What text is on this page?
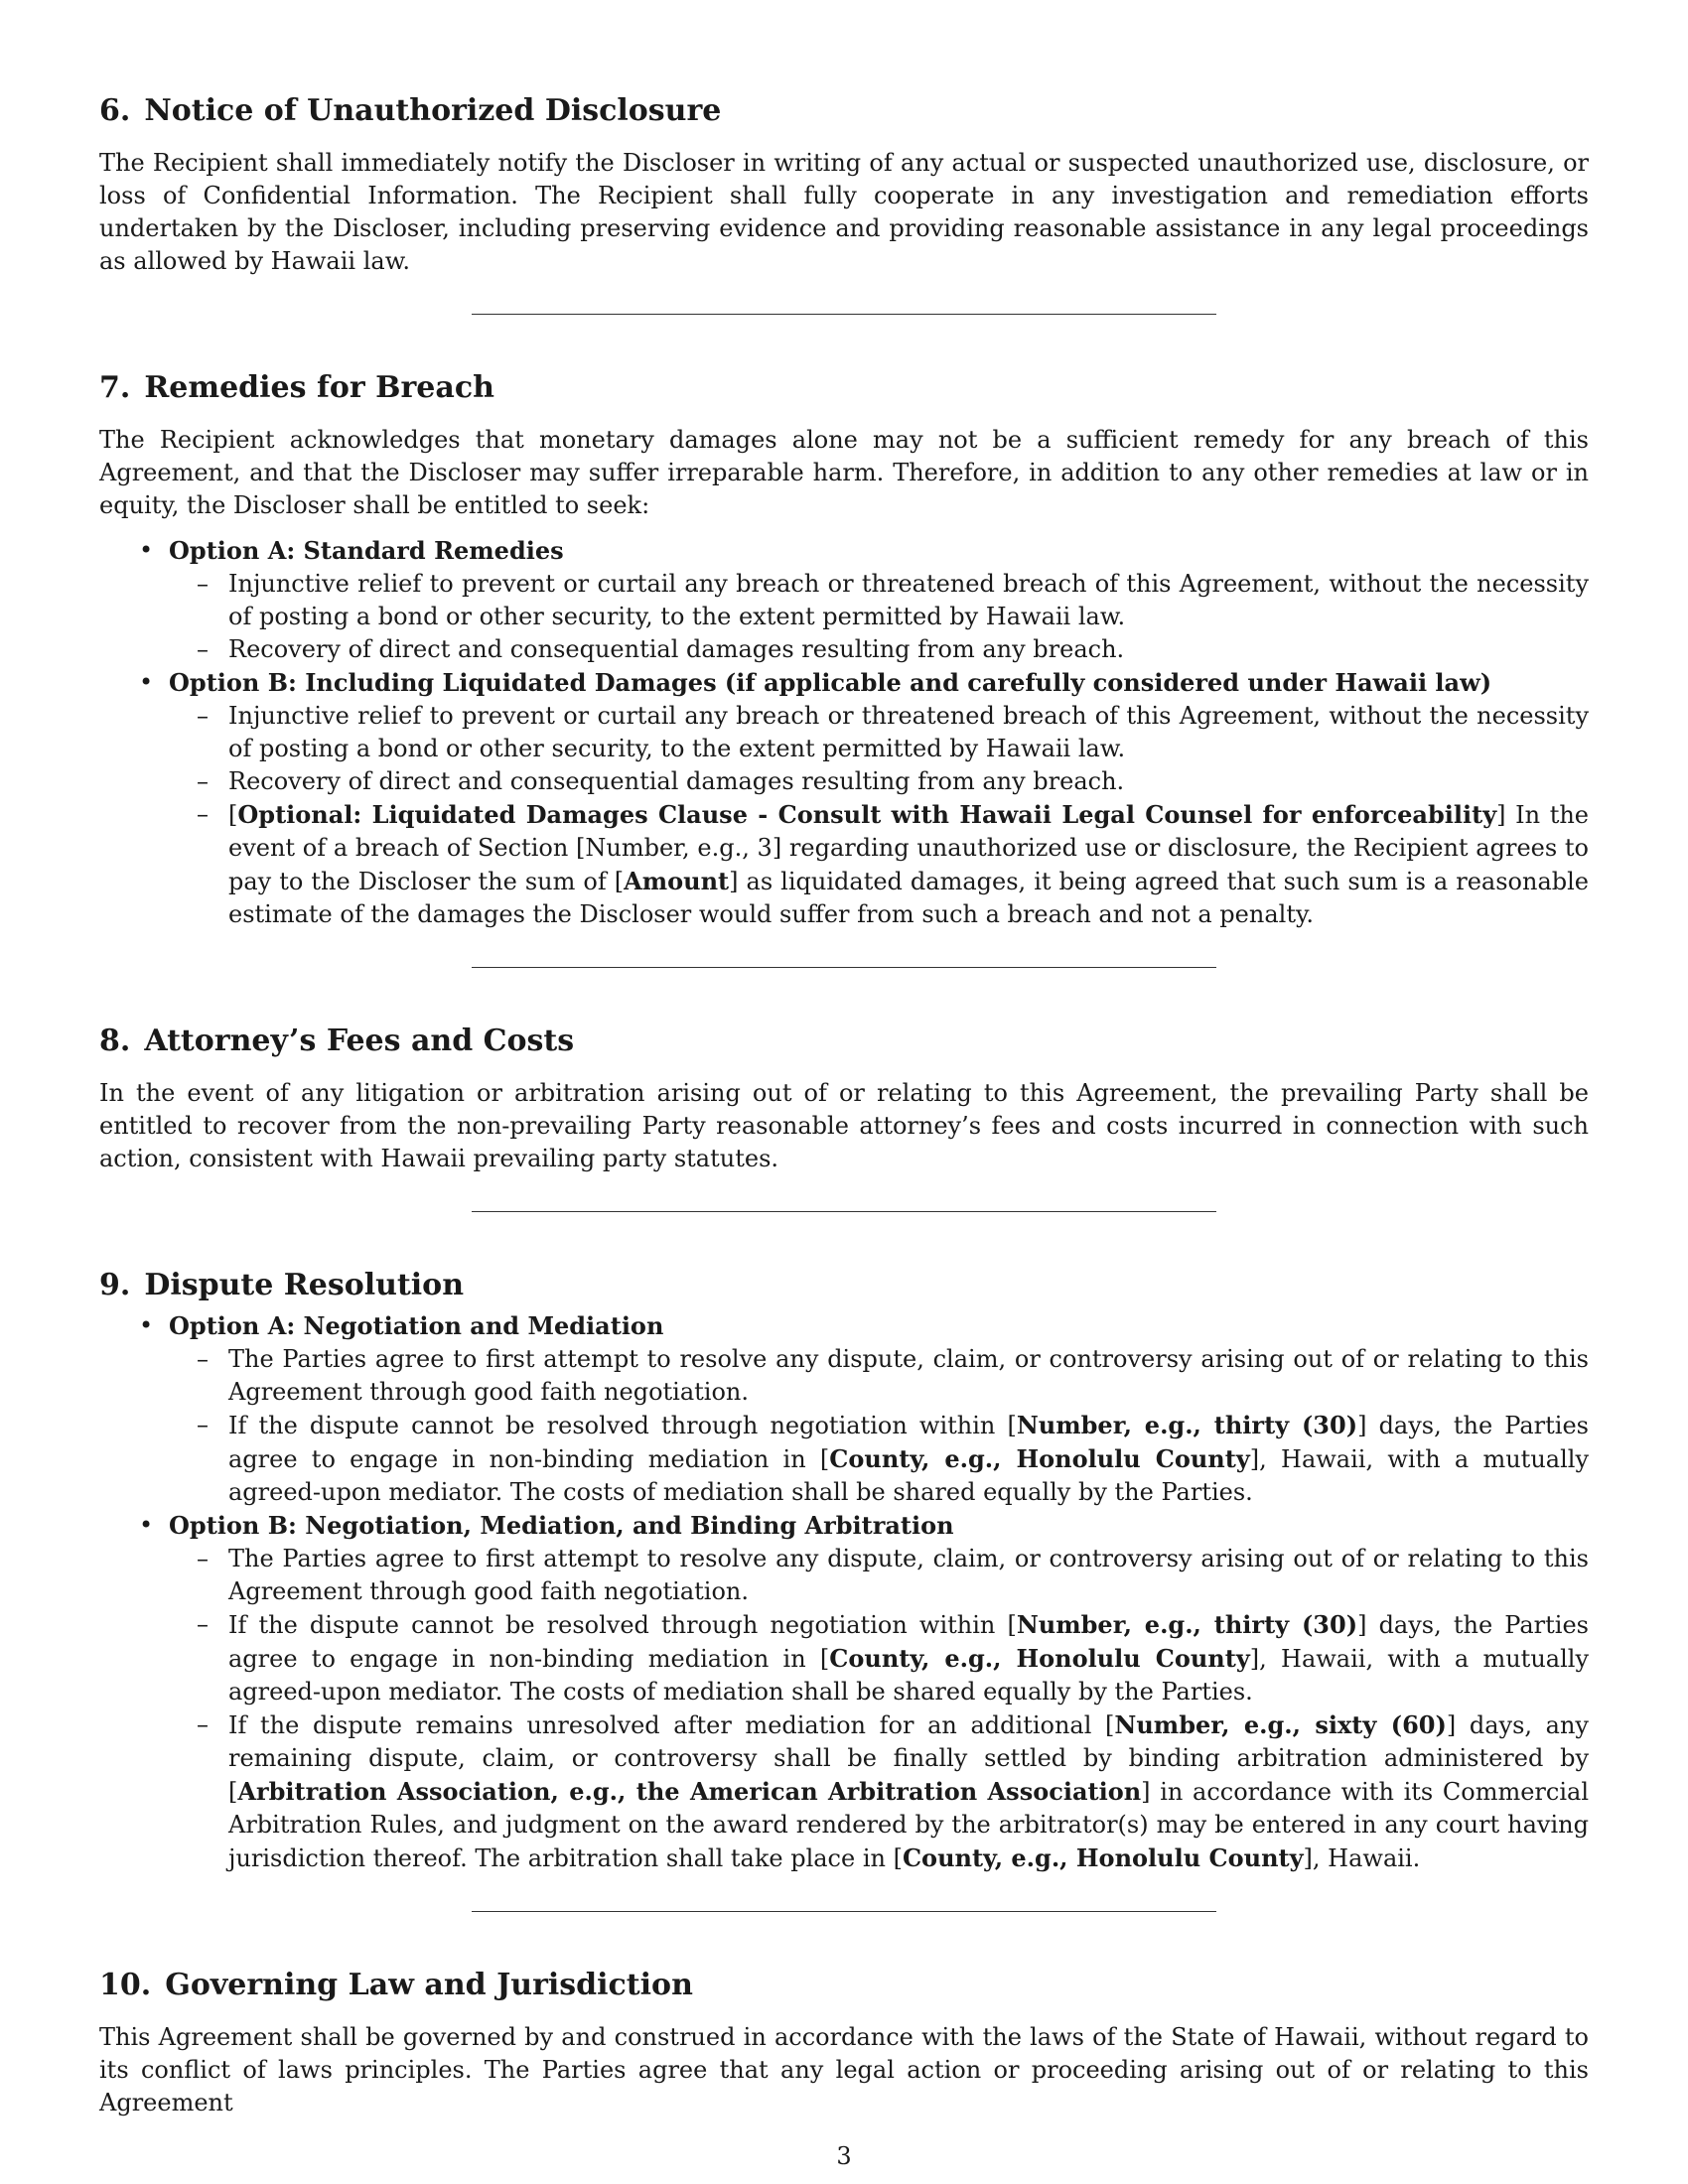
6. Notice of Unauthorized Disclosure

The Recipient shall immediately notify the Discloser in writing of any actual or suspected unauthorized use, disclosure, or loss of Confidential Information. The Recipient shall fully cooperate in any investigation and remediation efforts undertaken by the Discloser, including preserving evidence and providing reasonable assistance in any legal proceedings as allowed by Hawaii law.

7. Remedies for Breach

The Recipient acknowledges that monetary damages alone may not be a sufficient remedy for any breach of this Agreement, and that the Discloser may suffer irreparable harm. Therefore, in addition to any other remedies at law or in equity, the Discloser shall be entitled to seek:

• Option A: Standard Remedies
– Injunctive relief to prevent or curtail any breach or threatened breach of this Agreement, without the necessity of posting a bond or other security, to the extent permitted by Hawaii law.
– Recovery of direct and consequential damages resulting from any breach.
• Option B: Including Liquidated Damages (if applicable and carefully considered under Hawaii law)
– Injunctive relief to prevent or curtail any breach or threatened breach of this Agreement, without the necessity of posting a bond or other security, to the extent permitted by Hawaii law.
– Recovery of direct and consequential damages resulting from any breach.
– [Optional: Liquidated Damages Clause - Consult with Hawaii Legal Counsel for enforceability] In the event of a breach of Section [Number, e.g., 3] regarding unauthorized use or disclosure, the Recipient agrees to pay to the Discloser the sum of [Amount] as liquidated damages, it being agreed that such sum is a reasonable estimate of the damages the Discloser would suffer from such a breach and not a penalty.
8. Attorney’s Fees and Costs

In the event of any litigation or arbitration arising out of or relating to this Agreement, the prevailing Party shall be entitled to recover from the non-prevailing Party reasonable attorney’s fees and costs incurred in connection with such action, consistent with Hawaii prevailing party statutes.

9. Dispute Resolution
• Option A: Negotiation and Mediation
– The Parties agree to first attempt to resolve any dispute, claim, or controversy arising out of or relating to this Agreement through good faith negotiation.
– If the dispute cannot be resolved through negotiation within [Number, e.g., thirty (30)] days, the Parties agree to engage in non-binding mediation in [County, e.g., Honolulu County], Hawaii, with a mutually agreed-upon mediator. The costs of mediation shall be shared equally by the Parties.
• Option B: Negotiation, Mediation, and Binding Arbitration
– The Parties agree to first attempt to resolve any dispute, claim, or controversy arising out of or relating to this Agreement through good faith negotiation.
– If the dispute cannot be resolved through negotiation within [Number, e.g., thirty (30)] days, the Parties agree to engage in non-binding mediation in [County, e.g., Honolulu County], Hawaii, with a mutually agreed-upon mediator. The costs of mediation shall be shared equally by the Parties.
– If the dispute remains unresolved after mediation for an additional [Number, e.g., sixty (60)] days, any remaining dispute, claim, or controversy shall be finally settled by binding arbitration administered by [Arbitration Association, e.g., the American Arbitration Association] in accordance with its Commercial Arbitration Rules, and judgment on the award rendered by the arbitrator(s) may be entered in any court having jurisdiction thereof. The arbitration shall take place in [County, e.g., Honolulu County], Hawaii.
10. Governing Law and Jurisdiction

This Agreement shall be governed by and construed in accordance with the laws of the State of Hawaii, without regard to its conflict of laws principles. The Parties agree that any legal action or proceeding arising out of or relating to this Agreement

3
